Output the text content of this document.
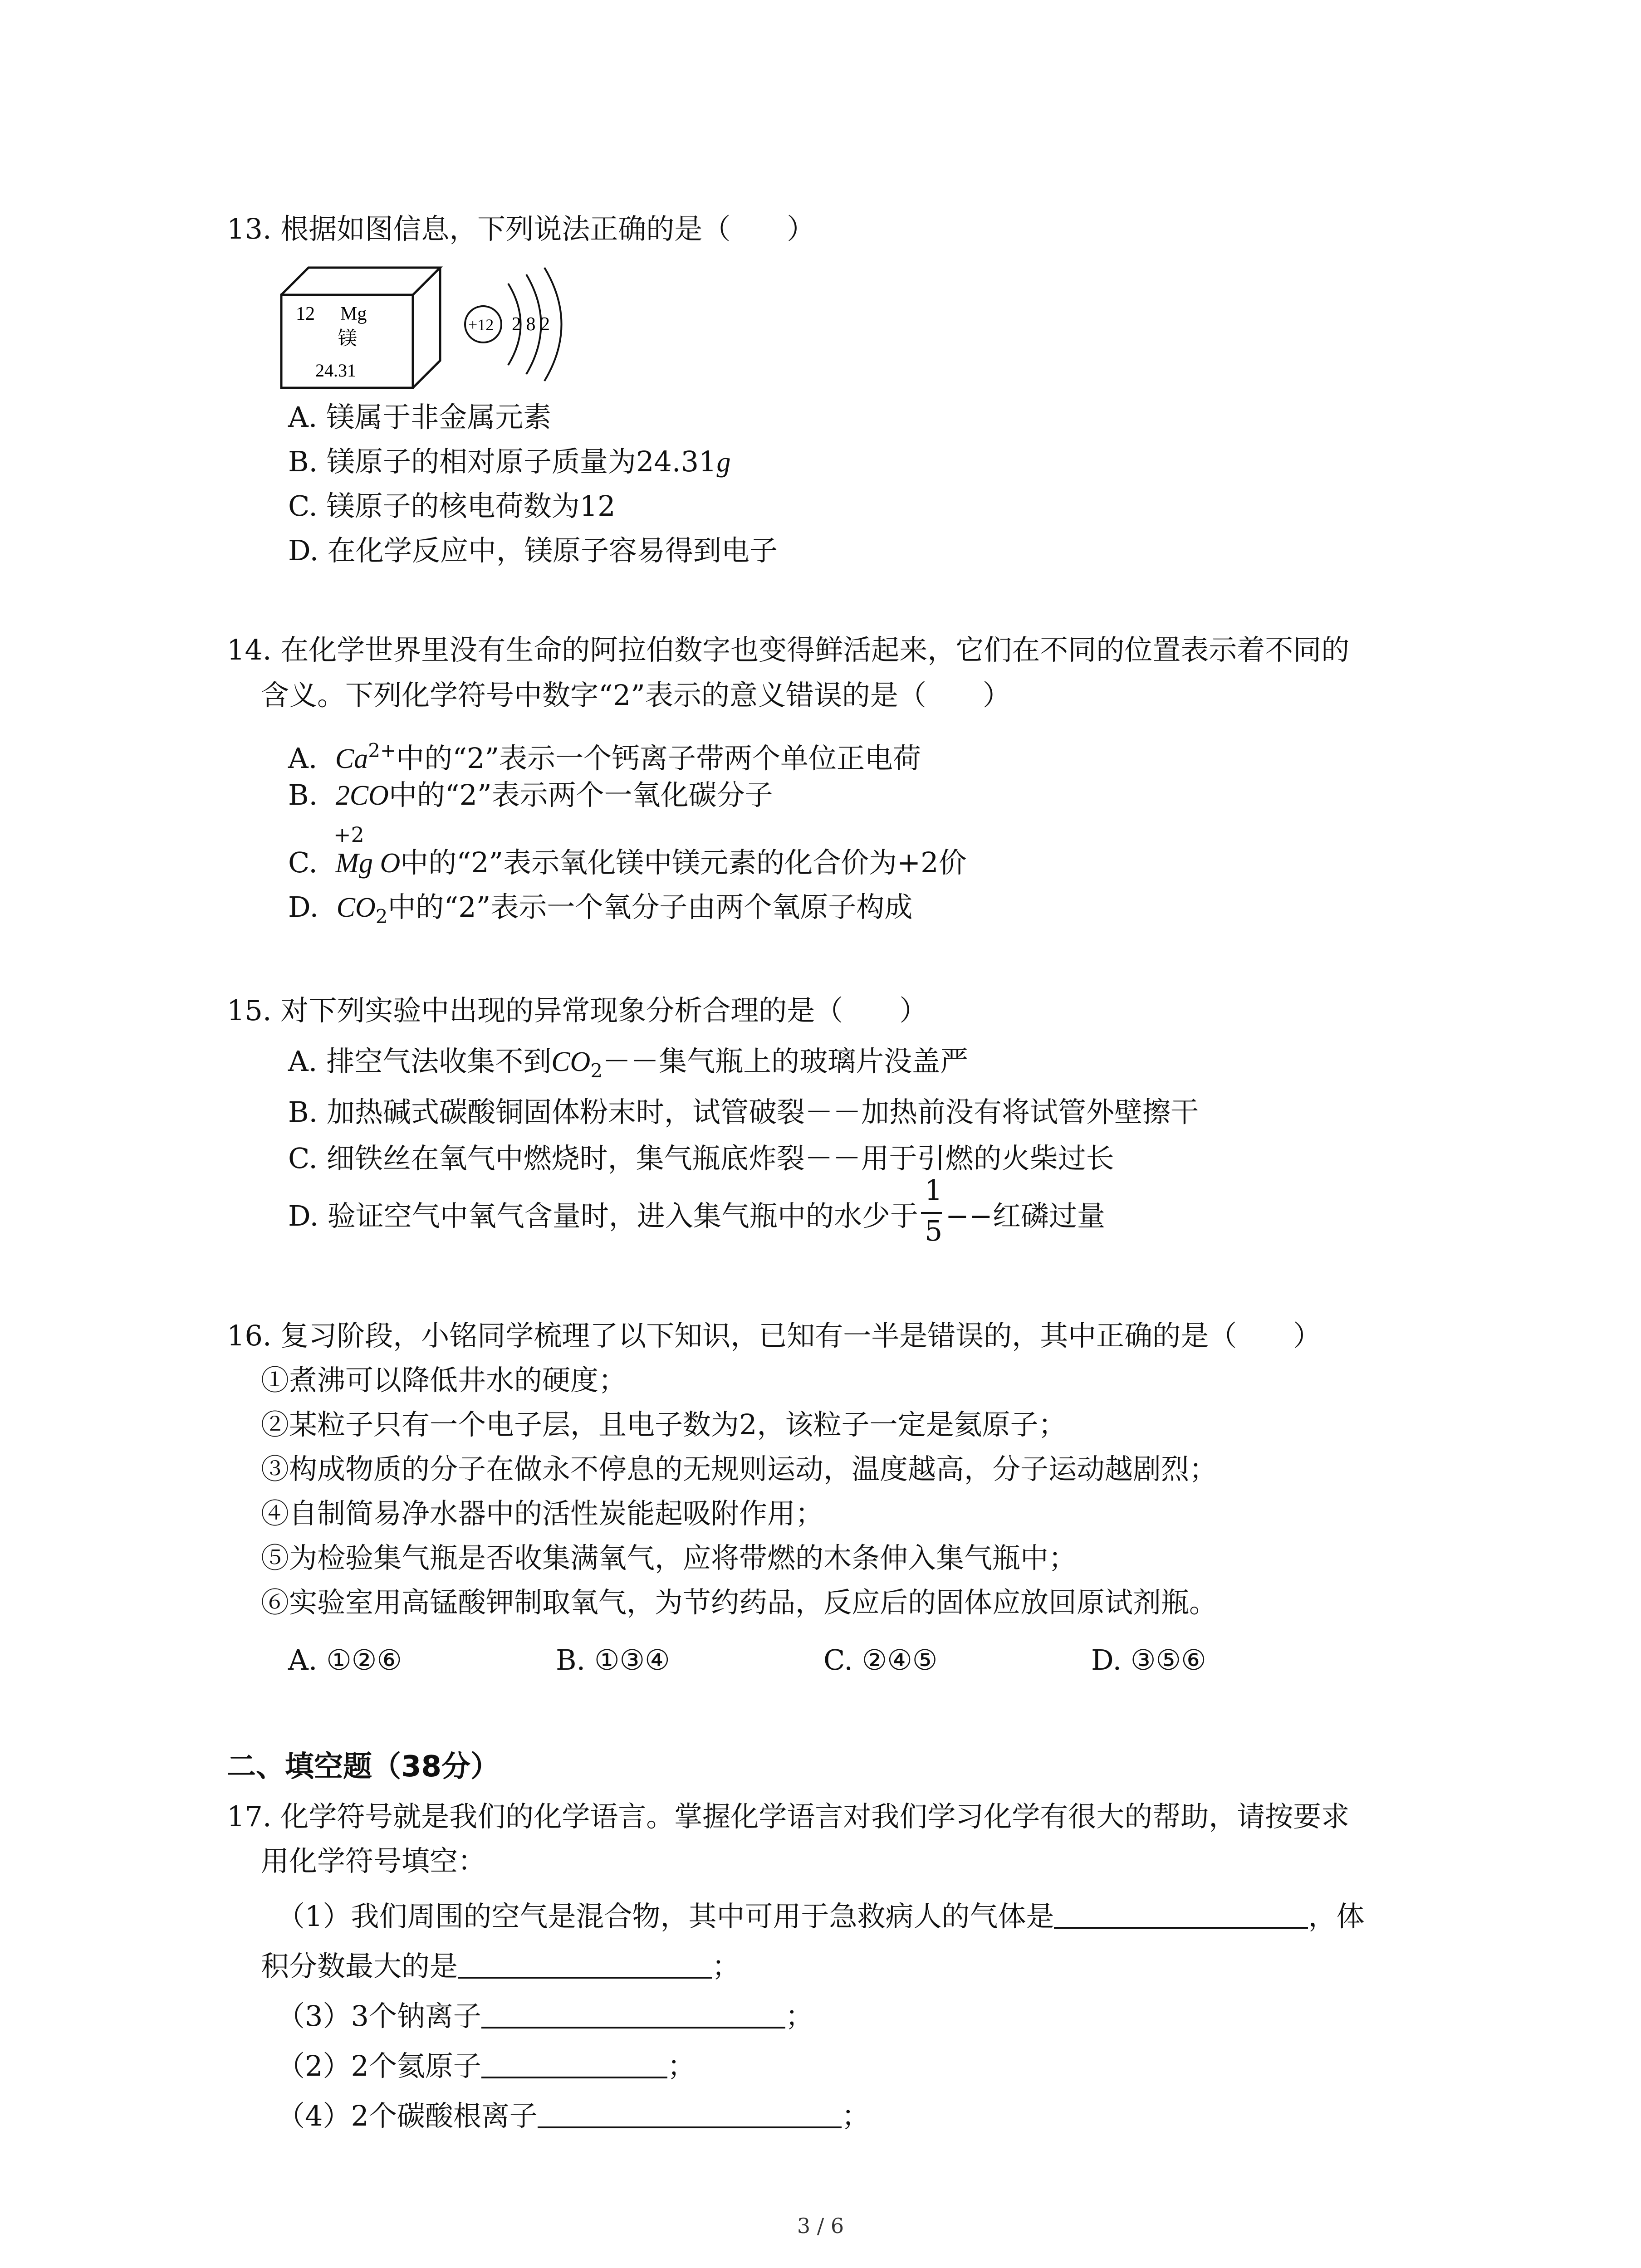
13. 根据如图信息，下列说法正确的是（　　）
12 Mg
镁
24.31
+12 2 8 2
A. 镁属于非金属元素
B. 镁原子的相对原子质量为24.31g
C. 镁原子的核电荷数为12
D. 在化学反应中，镁原子容易得到电子
14. 在化学世界里没有生命的阿拉伯数字也变得鲜活起来，它们在不同的位置表示着不同的
含义。下列化学符号中数字“2”表示的意义错误的是（　　）
A. $Ca^{2+}$中的“2”表示一个钙离子带两个单位正电荷
B. 2CO中的“2”表示两个一氧化碳分子
+2
C. Mg O中的“2”表示氧化镁中镁元素的化合价为+2价
D. $CO_2$中的“2”表示一个氧分子由两个氧原子构成
15. 对下列实验中出现的异常现象分析合理的是（　　）
A. 排空气法收集不到$CO_2--$集气瓶上的玻璃片没盖严
B. 加热碱式碳酸铜固体粉末时，试管破裂－－加热前没有将试管外壁擦干
C. 细铁丝在氧气中燃烧时，集气瓶底炸裂－－用于引燃的火柴过长
D. 验证空气中氧气含量时，进入集气瓶中的水少于 $\frac{1}{5}$ −−红磷过量
16. 复习阶段，小铭同学梳理了以下知识，已知有一半是错误的，其中正确的是（　　）
①煮沸可以降低井水的硬度；
②某粒子只有一个电子层，且电子数为2，该粒子一定是氦原子；
③构成物质的分子在做永不停息的无规则运动，温度越高，分子运动越剧烈；
④自制简易净水器中的活性炭能起吸附作用；
⑤为检验集气瓶是否收集满氧气，应将带燃的木条伸入集气瓶中；
⑥实验室用高锰酸钾制取氧气，为节约药品，反应后的固体应放回原试剂瓶。
A. ①②⑥	B. ①③④	C. ②④⑤	D. ③⑤⑥
二、填空题（38分）
17. 化学符号就是我们的化学语言。掌握化学语言对我们学习化学有很大的帮助，请按要求
用化学符号填空：
（1）我们周围的空气是混合物，其中可用于急救病人的气体是	，体
积分数最大的是	；
（3）3个钠离子	；
（2）2个氦原子	；
（4）2个碳酸根离子	；
3 / 6
